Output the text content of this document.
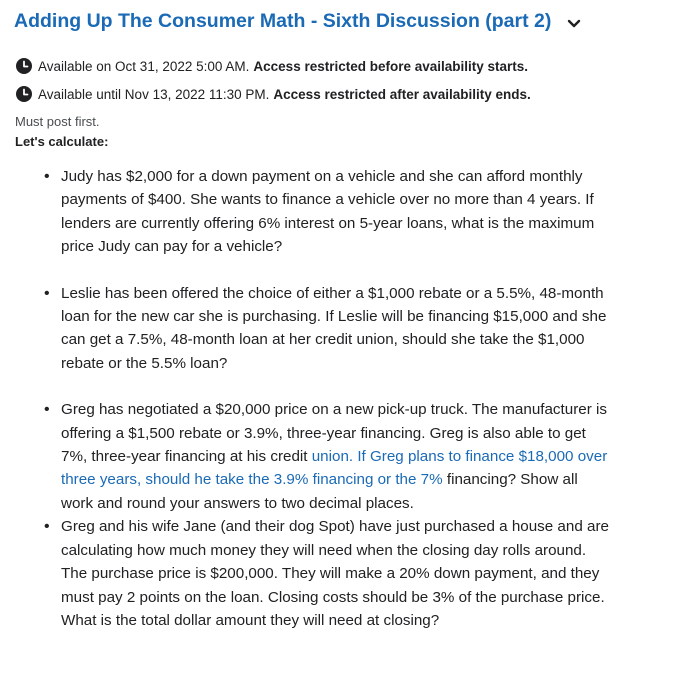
Adding Up The Consumer Math - Sixth Discussion (part 2)
Available on Oct 31, 2022 5:00 AM. Access restricted before availability starts.
Available until Nov 13, 2022 11:30 PM. Access restricted after availability ends.
Must post first.
Let's calculate:
• Judy has $2,000 for a down payment on a vehicle and she can afford monthly payments of $400. She wants to finance a vehicle over no more than 4 years. If lenders are currently offering 6% interest on 5-year loans, what is the maximum price Judy can pay for a vehicle?
• Leslie has been offered the choice of either a $1,000 rebate or a 5.5%, 48-month loan for the new car she is purchasing. If Leslie will be financing $15,000 and she can get a 7.5%, 48-month loan at her credit union, should she take the $1,000 rebate or the 5.5% loan?
• Greg has negotiated a $20,000 price on a new pick-up truck. The manufacturer is offering a $1,500 rebate or 3.9%, three-year financing. Greg is also able to get 7%, three-year financing at his credit union. If Greg plans to finance $18,000 over three years, should he take the 3.9% financing or the 7% financing? Show all work and round your answers to two decimal places.
• Greg and his wife Jane (and their dog Spot) have just purchased a house and are calculating how much money they will need when the closing day rolls around. The purchase price is $200,000. They will make a 20% down payment, and they must pay 2 points on the loan. Closing costs should be 3% of the purchase price. What is the total dollar amount they will need at closing?
